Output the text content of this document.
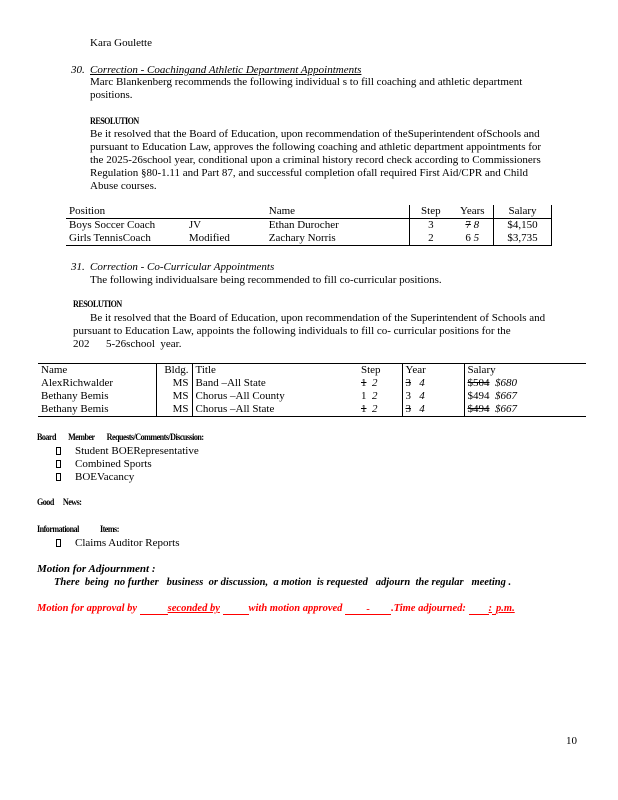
Kara Goulette
30. Correction - Coachingand Athletic Department Appointments
Marc Blankenberg recommends the following individual s to fill coaching and athletic department
positions.
RESOLUTION
Be it resolved that the Board of Education, upon recommendation of theSuperintendent ofSchools and
pursuant to Education Law, approves the following coaching and athletic department appointments for
the 2025-26school year, conditional upon a criminal history record check according to Commissioners
Regulation §80-1.11 and Part 87, and successful completion ofall required First Aid/CPR and Child
Abuse courses.
Position		Name	Step	Years	Salary
Boys Soccer Coach	JV	Ethan Durocher	3	7 8	$4,150
Girls TennisCoach	Modified	Zachary Norris	2	6 5	$3,735
31. Correction - Co-Curricular Appointments
The following individualsare being recommended to fill co-curricular positions.
RESOLUTION
Be it resolved that the Board of Education, upon recommendation of the Superintendent of Schools and
pursuant to Education Law, appoints the following individuals to fill co- curricular positions for the
202      5-26school  year.
Name	Bldg.	Title	Step	Year	Salary
AlexRichwalder	MS	Band –All State	1 2	3 4	$504 $680
Bethany Bemis	MS	Chorus –All County	1 2	3 4	$494 $667
Bethany Bemis	MS	Chorus –All State	1 2	3 4	$494 $667
Board Member Requests/Comments/Discussion:
Student BOERepresentative
Combined Sports
BOEVacancy
Good News:
Informational Items:
Claims Auditor Reports
Motion for Adjournment :
There  being  no further   business  or discussion,  a motion  is requested   adjourn  the regular   meeting .
Motion for approval by	seconded by	with motion approved - .Time adjourned: : p.m.
10
